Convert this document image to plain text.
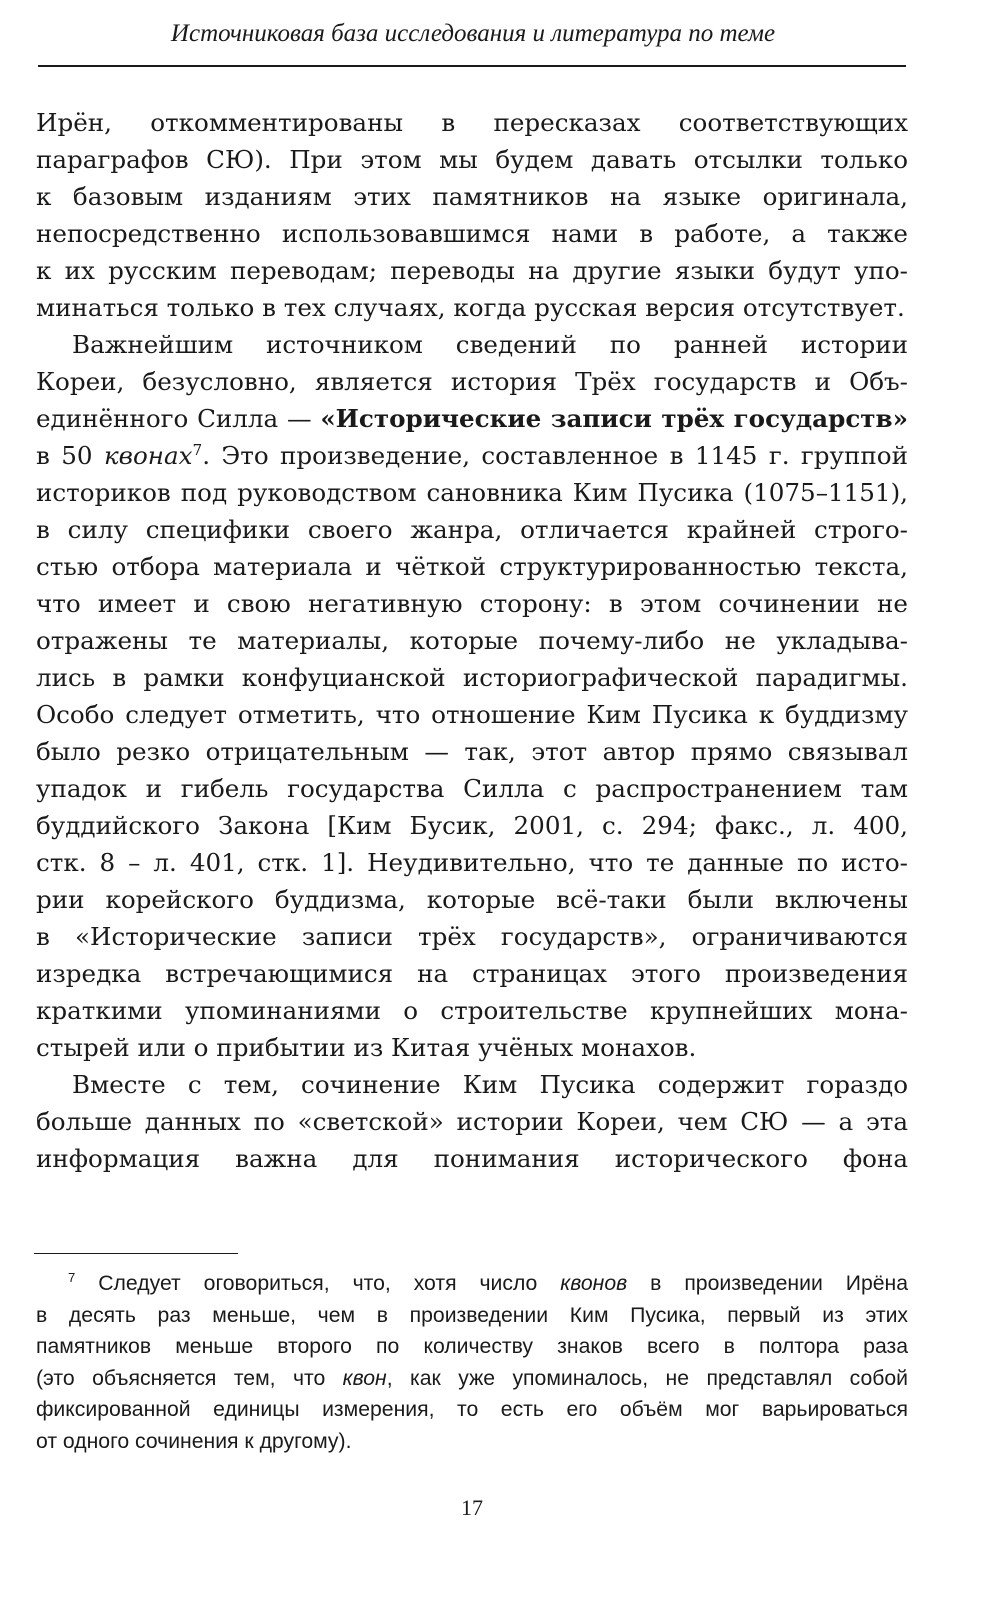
Источниковая база исследования и литература по теме
Ирён, откомментированы в пересказах соответствующих
параграфов СЮ). При этом мы будем давать отсылки только
к базовым изданиям этих памятников на языке оригинала,
непосредственно использовавшимся нами в работе, а также
к их русским переводам; переводы на другие языки будут упо-
минаться только в тех случаях, когда русская версия отсутствует.
Важнейшим источником сведений по ранней истории
Кореи, безусловно, является история Трёх государств и Объ-
единённого Силла — «Исторические записи трёх государств»
в 50 квонах$^7$. Это произведение, составленное в 1145 г. группой
историков под руководством сановника Ким Пусика (1075–1151),
в силу специфики своего жанра, отличается крайней строго-
стью отбора материала и чёткой структурированностью текста,
что имеет и свою негативную сторону: в этом сочинении не
отражены те материалы, которые почему-либо не укладыва-
лись в рамки конфуцианской историографической парадигмы.
Особо следует отметить, что отношение Ким Пусика к буддизму
было резко отрицательным — так, этот автор прямо связывал
упадок и гибель государства Силла с распространением там
буддийского Закона [Ким Бусик, 2001, с. 294; факс., л. 400,
стк. 8 – л. 401, стк. 1]. Неудивительно, что те данные по исто-
рии корейского буддизма, которые всё-таки были включены
в «Исторические записи трёх государств», ограничиваются
изредка встречающимися на страницах этого произведения
краткими упоминаниями о строительстве крупнейших мона-
стырей или о прибытии из Китая учёных монахов.
Вместе с тем, сочинение Ким Пусика содержит гораздо
больше данных по «светской» истории Кореи, чем СЮ — а эта
информация важна для понимания исторического фона
$^7$ Следует оговориться, что, хотя число квонов в произведении Ирёна
в десять раз меньше, чем в произведении Ким Пусика, первый из этих
памятников меньше второго по количеству знаков всего в полтора раза
(это объясняется тем, что квон, как уже упоминалось, не представлял собой
фиксированной единицы измерения, то есть его объём мог варьироваться
от одного сочинения к другому).
17
